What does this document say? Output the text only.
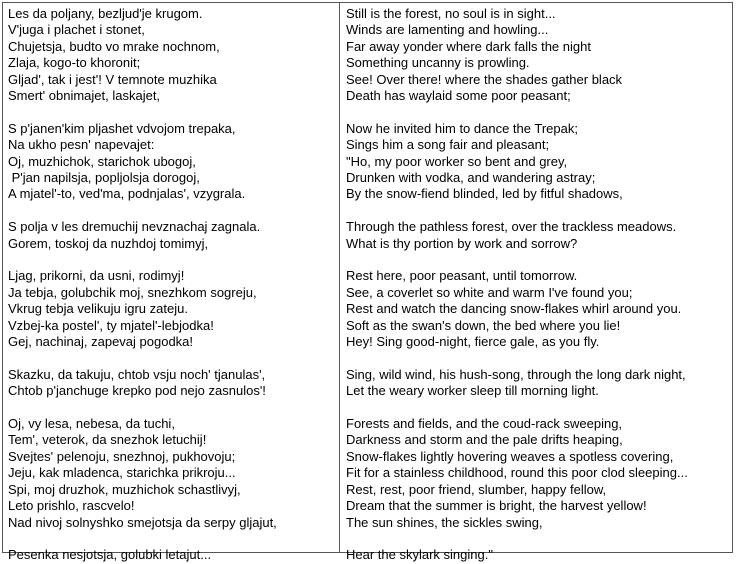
Les da poljany, bezljud'je krugom.
V'juga i plachet i stonet,
Chujetsja, budto vo mrake nochnom,
Zlaja, kogo-to khoronit;
Gljad', tak i jest'! V temnote muzhika
Smert' obnimajet, laskajet,
S p'janen'kim pljashet vdvojom trepaka,
Na ukho pesn' napevajet:
Oj, muzhichok, starichok ubogoj,
P'jan napilsja, popljolsja dorogoj,
A mjatel'-to, ved'ma, podnjalas', vzygrala.
S polja v les dremuchij nevznachaj zagnala.
Gorem, toskoj da nuzhdoj tomimyj,
Ljag, prikorni, da usni, rodimyj!
Ja tebja, golubchik moj, snezhkom sogreju,
Vkrug tebja velikuju igru zateju.
Vzbej-ka postel', ty mjatel'-lebjodka!
Gej, nachinaj, zapevaj pogodka!
Skazku, da takuju, chtob vsju noch' tjanulas',
Chtob p'janchuge krepko pod nejo zasnulos'!
Oj, vy lesa, nebesa, da tuchi,
Tem', veterok, da snezhok letuchij!
Svejtes' pelenoju, snezhnoj, pukhovoju;
Jeju, kak mladenca, starichka prikroju...
Spi, moj druzhok, muzhichok schastlivyj,
Leto prishlo, rascvelo!
Nad nivoj solnyshko smejotsja da serpy gljajut,
Pesenka nesjotsja, golubki letajut...
Still is the forest, no soul is in sight...
Winds are lamenting and howling...
Far away yonder where dark falls the night
Something uncanny is prowling.
See! Over there! where the shades gather black
Death has waylaid some poor peasant;
Now he invited him to dance the Trepak;
Sings him a song fair and pleasant;
"Ho, my poor worker so bent and grey,
Drunken with vodka, and wandering astray;
By the snow-fiend blinded, led by fitful shadows,
Through the pathless forest, over the trackless meadows.
What is thy portion by work and sorrow?
Rest here, poor peasant, until tomorrow.
See, a coverlet so white and warm I've found you;
Rest and watch the dancing snow-flakes whirl around you.
Soft as the swan's down, the bed where you lie!
Hey! Sing good-night, fierce gale, as you fly.
Sing, wild wind, his hush-song, through the long dark night,
Let the weary worker sleep till morning light.
Forests and fields, and the coud-rack sweeping,
Darkness and storm and the pale drifts heaping,
Snow-flakes lightly hovering weaves a spotless covering,
Fit for a stainless childhood, round this poor clod sleeping...
Rest, rest, poor friend, slumber, happy fellow,
Dream that the summer is bright, the harvest yellow!
The sun shines, the sickles swing,
Hear the skylark singing."
